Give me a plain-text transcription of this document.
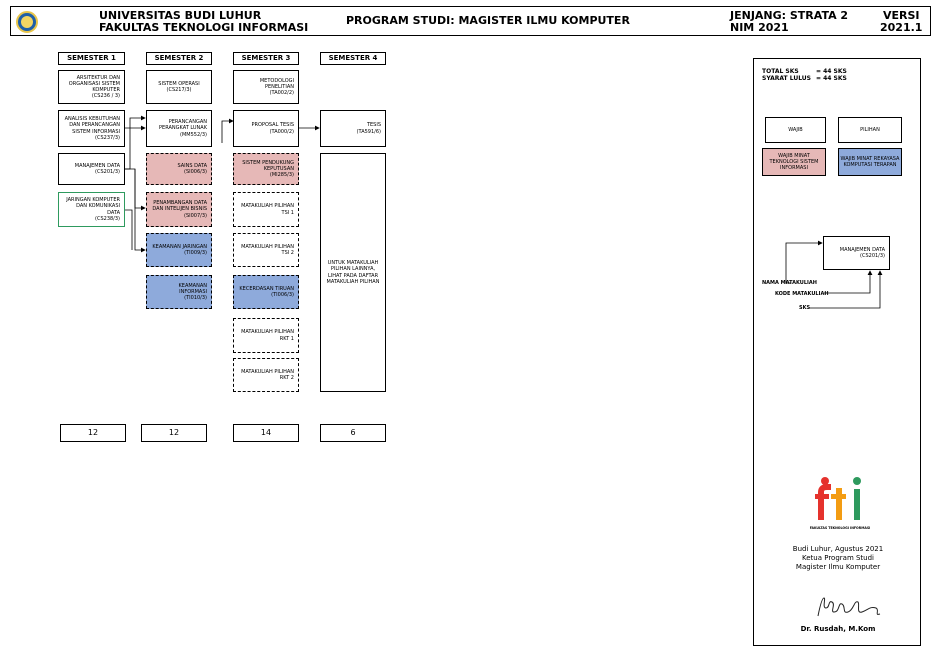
UNIVERSITAS BUDI LUHUR
FAKULTAS TEKNOLOGI INFORMASI
PROGRAM STUDI: MAGISTER ILMU KOMPUTER	JENJANG: STRATA 2
NIM 2021
VERSI
2021.1
SEMESTER 1	SEMESTER 2	SEMESTER 3	SEMESTER 4
ARSITEKTUR DAN ORGANISASI SISTEM KOMPUTER
(CS236 / 3)
ANALISIS KEBUTUHAN DAN PERANCANGAN SISTEM INFORMASI
(CS237/3)
MANAJEMEN DATA
(CS201/3)
JARINGAN KOMPUTER DAN KOMUNIKASI DATA
(CS238/3)
SISTEM OPERASI
(CS217/3)
PERANCANGAN PERANGKAT LUNAK
(MM552/3)
SAINS DATA
(SI006/3)
PENAMBANGAN DATA DAN INTELIJEN BISNIS
(SI007/3)
KEAMANAN JARINGAN
(TI009/3)
KEAMANAN INFORMASI
(TI010/3)
METODOLOGI PENELITIAN
(TA002/2)
PROPOSAL TESIS
(TA000/2)
SISTEM PENDUKUNG KEPUTUSAN
(MI285/3)
MATAKULIAH PILIHAN TSI 1
MATAKULIAH PILIHAN TSI 2
KECERDASAN TIRUAN
(TI006/3)
MATAKULIAH PILIHAN RKT 1
MATAKULIAH PILIHAN RKT 2
TESIS
(TA591/6)
UNTUK MATAKULIAH PILIHAN LAINNYA, LIHAT PADA DAFTAR MATAKULIAH PILIHAN
12	12	14	6
TOTAL SKS	= 44 SKS
SYARAT LULUS = 44 SKS
WAJIB	PILIHAN
WAJIB MINAT TEKNOLOGI SISTEM INFORMASI
WAJIB MINAT REKAYASA KOMPUTASI TERAPAN
MANAJEMEN DATA
(CS201/3)
NAMA MATAKULIAH
KODE MATAKULIAH
SKS
FAKULTAS TEKNOLOGI INFORMASI
Budi Luhur, Agustus 2021
Ketua Program Studi
Magister Ilmu Komputer
Dr. Rusdah, M.Kom
